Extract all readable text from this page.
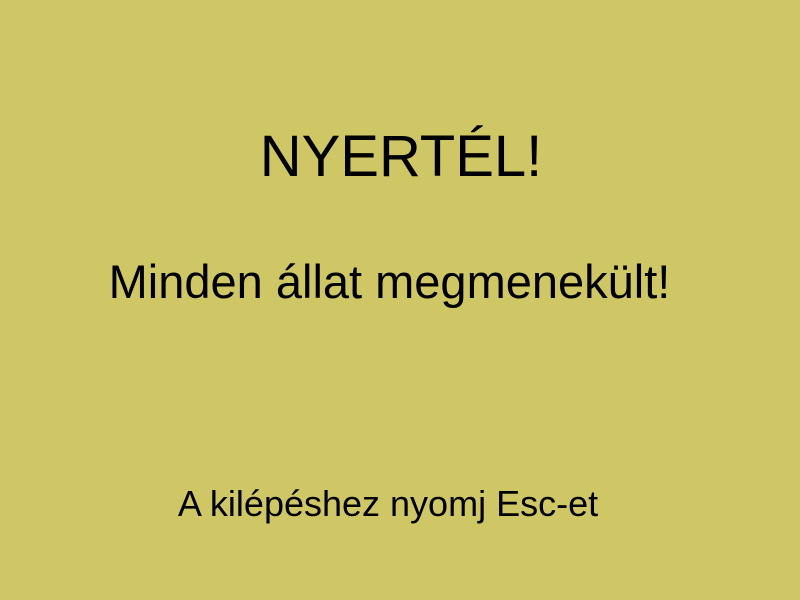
NYERTÉL!
Minden állat megmenekült!
A kilépéshez nyomj Esc-et
